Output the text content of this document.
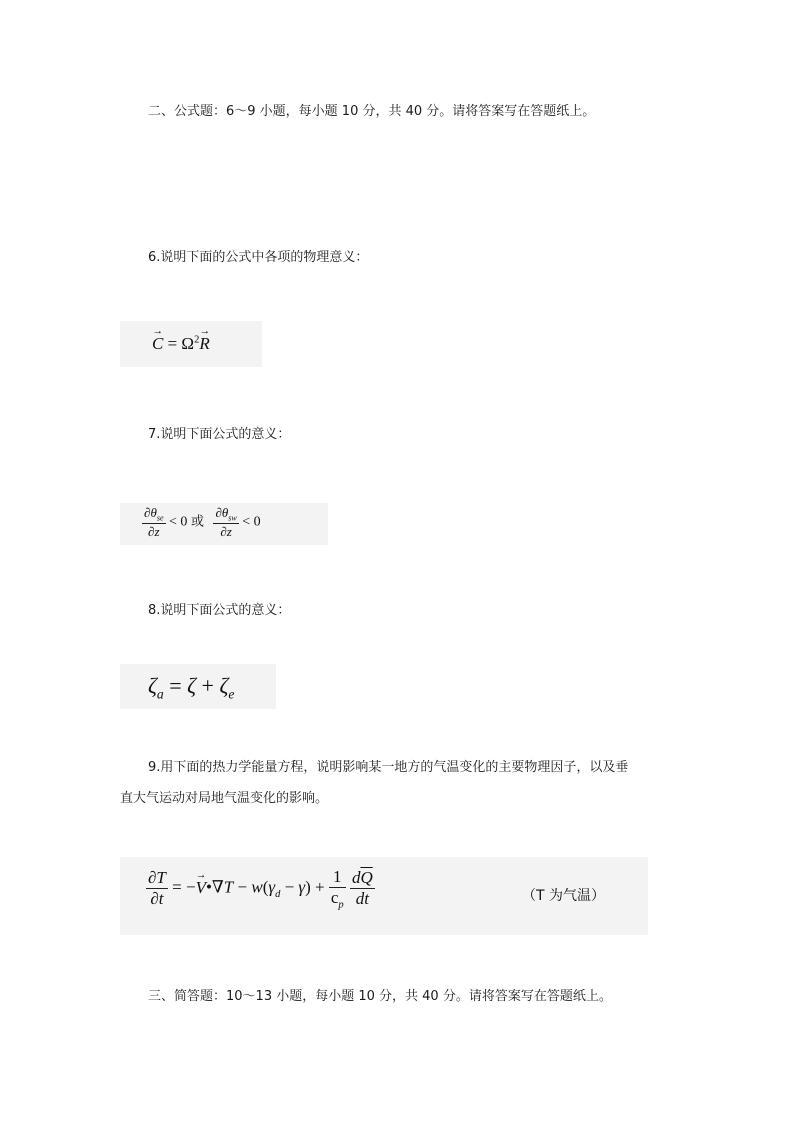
二、公式题：6～9 小题，每小题 10 分，共 40 分。请将答案写在答题纸上。
6.说明下面的公式中各项的物理意义：
→ $C = \Omega^2\to R$
7.说明下面公式的意义：
$\frac{\partial\theta_{se}}{\partial z} < 0$ 或 $\frac{\partial\theta_{sw}}{\partial z} < 0$
8.说明下面公式的意义：
$\zeta_a = \zeta + \zeta_e$
9.用下面的热力学能量方程，说明影响某一地方的气温变化的主要物理因子，以及垂
直大气运动对局地气温变化的影响。
$\frac{\partial T}{\partial t}$ = −→ V•∇T − $w(\gamma_d - \gamma) + \frac{1}{c_p}$
$\frac{d\overline{Q}}{dt}$	（T 为气温）
三、简答题：10～13 小题，每小题 10 分，共 40 分。请将答案写在答题纸上。
